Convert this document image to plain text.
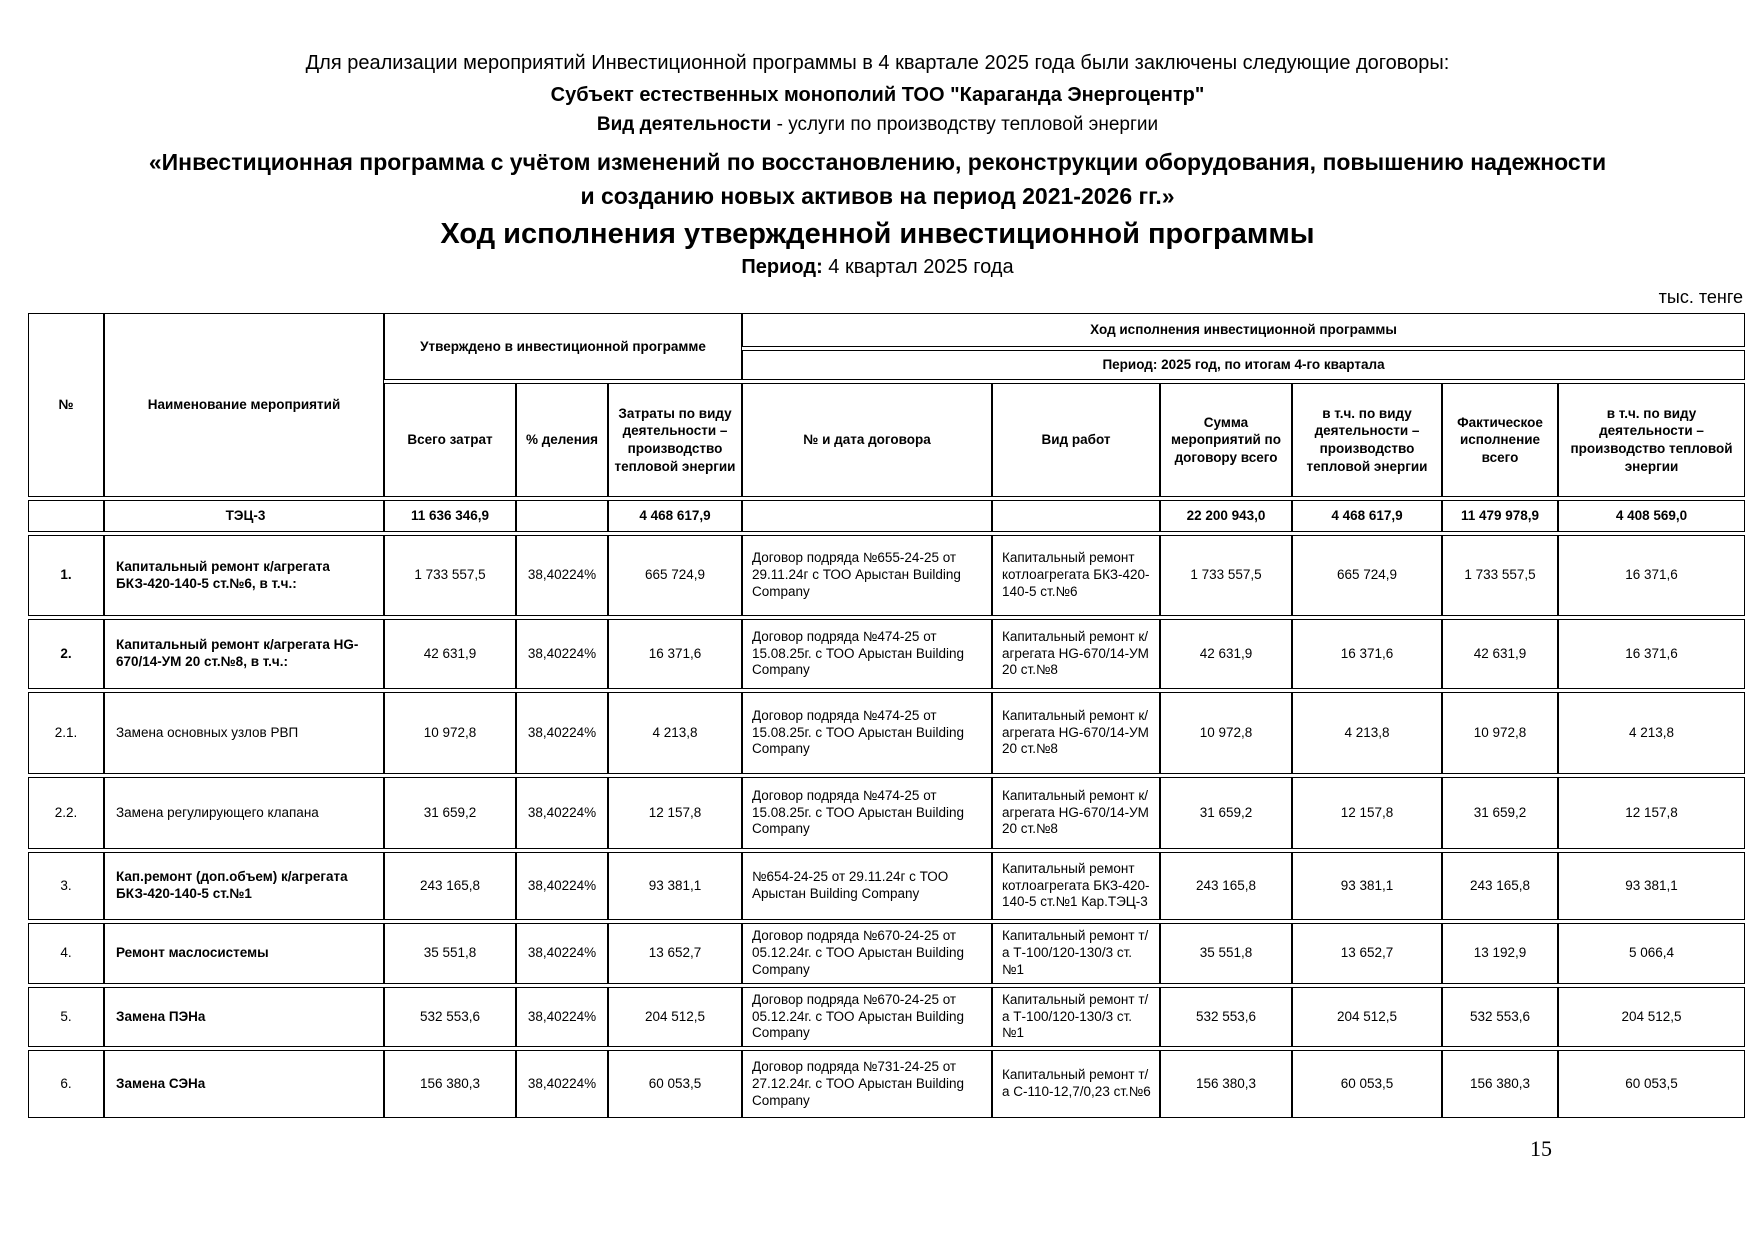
Для реализации мероприятий Инвестиционной программы в 4 квартале 2025 года были заключены следующие договоры:

Субъект естественных монополий ТОО "Караганда Энергоцентр"

Вид деятельности - услуги по производству тепловой энергии

«Инвестиционная программа с учётом изменений по восстановлению, реконструкции оборудования, повышению надежности и созданию новых активов на период 2021-2026 гг.»

Ход исполнения утвержденной инвестиционной программы

Период: 4 квартал 2025 года

тыс. тенге
№	Наименование мероприятий	Утверждено в инвестиционной программе			Ход исполнения инвестиционной программы					
					Период: 2025 год, по итогам 4-го квартала					
		Всего затрат	% деления	Затраты по виду деятельности – производство тепловой энергии	№ и дата договора	Вид работ	Сумма мероприятий по договору всего	в т.ч. по виду деятельности – производство тепловой энергии	Фактическое исполнение всего	в т.ч. по виду деятельности – производство тепловой энергии
	ТЭЦ-3	11 636 346,9		4 468 617,9			22 200 943,0	4 468 617,9	11 479 978,9	4 408 569,0
1.	Капитальный ремонт к/агрегата БКЗ-420-140-5 ст.№6, в т.ч.:	1 733 557,5	38,40224%	665 724,9	Договор подряда №655-24-25 от 29.11.24г с ТОО Арыстан Building Company	Капитальный ремонт котлоагрегата БКЗ-420-140-5 ст.№6	1 733 557,5	665 724,9	1 733 557,5	16 371,6
2.	Капитальный ремонт к/агрегата HG-670/14-УМ 20 ст.№8, в т.ч.:	42 631,9	38,40224%	16 371,6	Договор подряда №474-25 от 15.08.25г. с ТОО Арыстан Building Company	Капитальный ремонт к/агрегата HG-670/14-УМ 20 ст.№8	42 631,9	16 371,6	42 631,9	16 371,6
2.1.	Замена основных узлов РВП	10 972,8	38,40224%	4 213,8	Договор подряда №474-25 от 15.08.25г. с ТОО Арыстан Building Company	Капитальный ремонт к/агрегата HG-670/14-УМ 20 ст.№8	10 972,8	4 213,8	10 972,8	4 213,8
2.2.	Замена регулирующего клапана	31 659,2	38,40224%	12 157,8	Договор подряда №474-25 от 15.08.25г. с ТОО Арыстан Building Company	Капитальный ремонт к/агрегата HG-670/14-УМ 20 ст.№8	31 659,2	12 157,8	31 659,2	12 157,8
3.	Кап.ремонт (доп.объем) к/агрегата БКЗ-420-140-5 ст.№1	243 165,8	38,40224%	93 381,1	№654-24-25 от 29.11.24г с ТОО Арыстан Building Company	Капитальный ремонт котлоагрегата БКЗ-420-140-5 ст.№1 Кар.ТЭЦ-3	243 165,8	93 381,1	243 165,8	93 381,1
4.	Ремонт маслосистемы	35 551,8	38,40224%	13 652,7	Договор подряда №670-24-25 от 05.12.24г. с ТОО Арыстан Building Company	Капитальный ремонт т/а Т-100/120-130/3 ст.№1	35 551,8	13 652,7	13 192,9	5 066,4
5.	Замена ПЭНа	532 553,6	38,40224%	204 512,5	Договор подряда №670-24-25 от 05.12.24г. с ТОО Арыстан Building Company	Капитальный ремонт т/а Т-100/120-130/3 ст.№1	532 553,6	204 512,5	532 553,6	204 512,5
6.	Замена СЭНа	156 380,3	38,40224%	60 053,5	Договор подряда №731-24-25 от 27.12.24г. с ТОО Арыстан Building Company	Капитальный ремонт т/а С-110-12,7/0,23 ст.№6	156 380,3	60 053,5	156 380,3	60 053,5
15
